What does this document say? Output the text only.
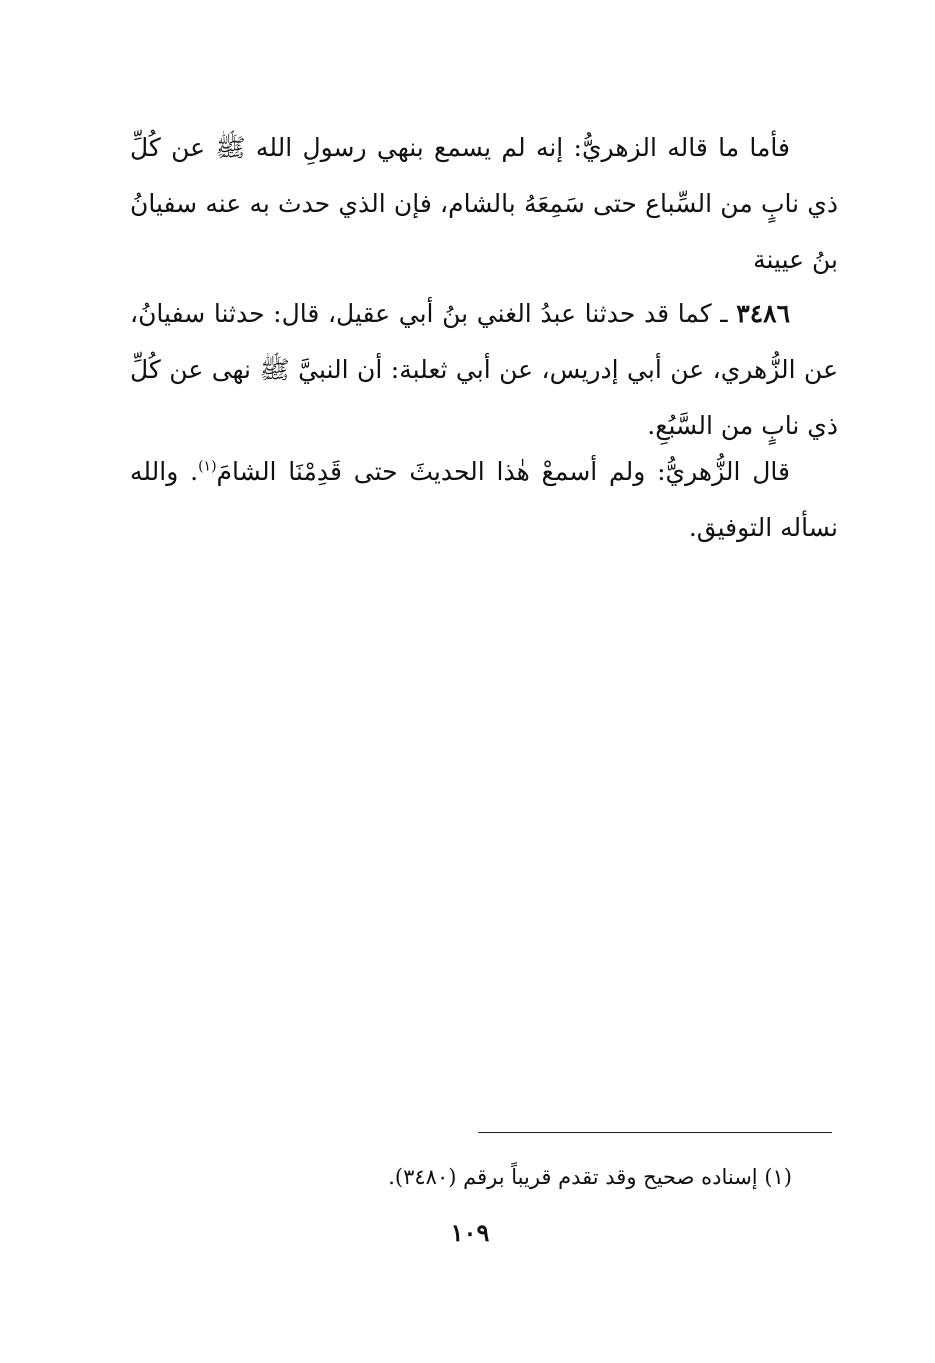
فأما ما قاله الزهريُّ: إنه لم يسمع بنهي رسولِ الله ﷺ عن كُلِّ ذي نابٍ من السِّباع حتى سَمِعَهُ بالشام، فإن الذي حدث به عنه سفيانُ بنُ عيينة
٣٤٨٦ ـ كما قد حدثنا عبدُ الغني بنُ أبي عقيل، قال: حدثنا سفيانُ، عن الزُّهري، عن أبي إدريس، عن أبي ثعلبة: أن النبيَّ ﷺ نهى عن كُلِّ ذي نابٍ من السَّبُعِ.
قال الزُّهريُّ: ولم أسمعْ هٰذا الحديثَ حتى قَدِمْنَا الشامَ$^{(١)}$. والله نسأله التوفيق.
(١) إسناده صحيح وقد تقدم قريباً برقم (٣٤٨٠).
١٠٩
